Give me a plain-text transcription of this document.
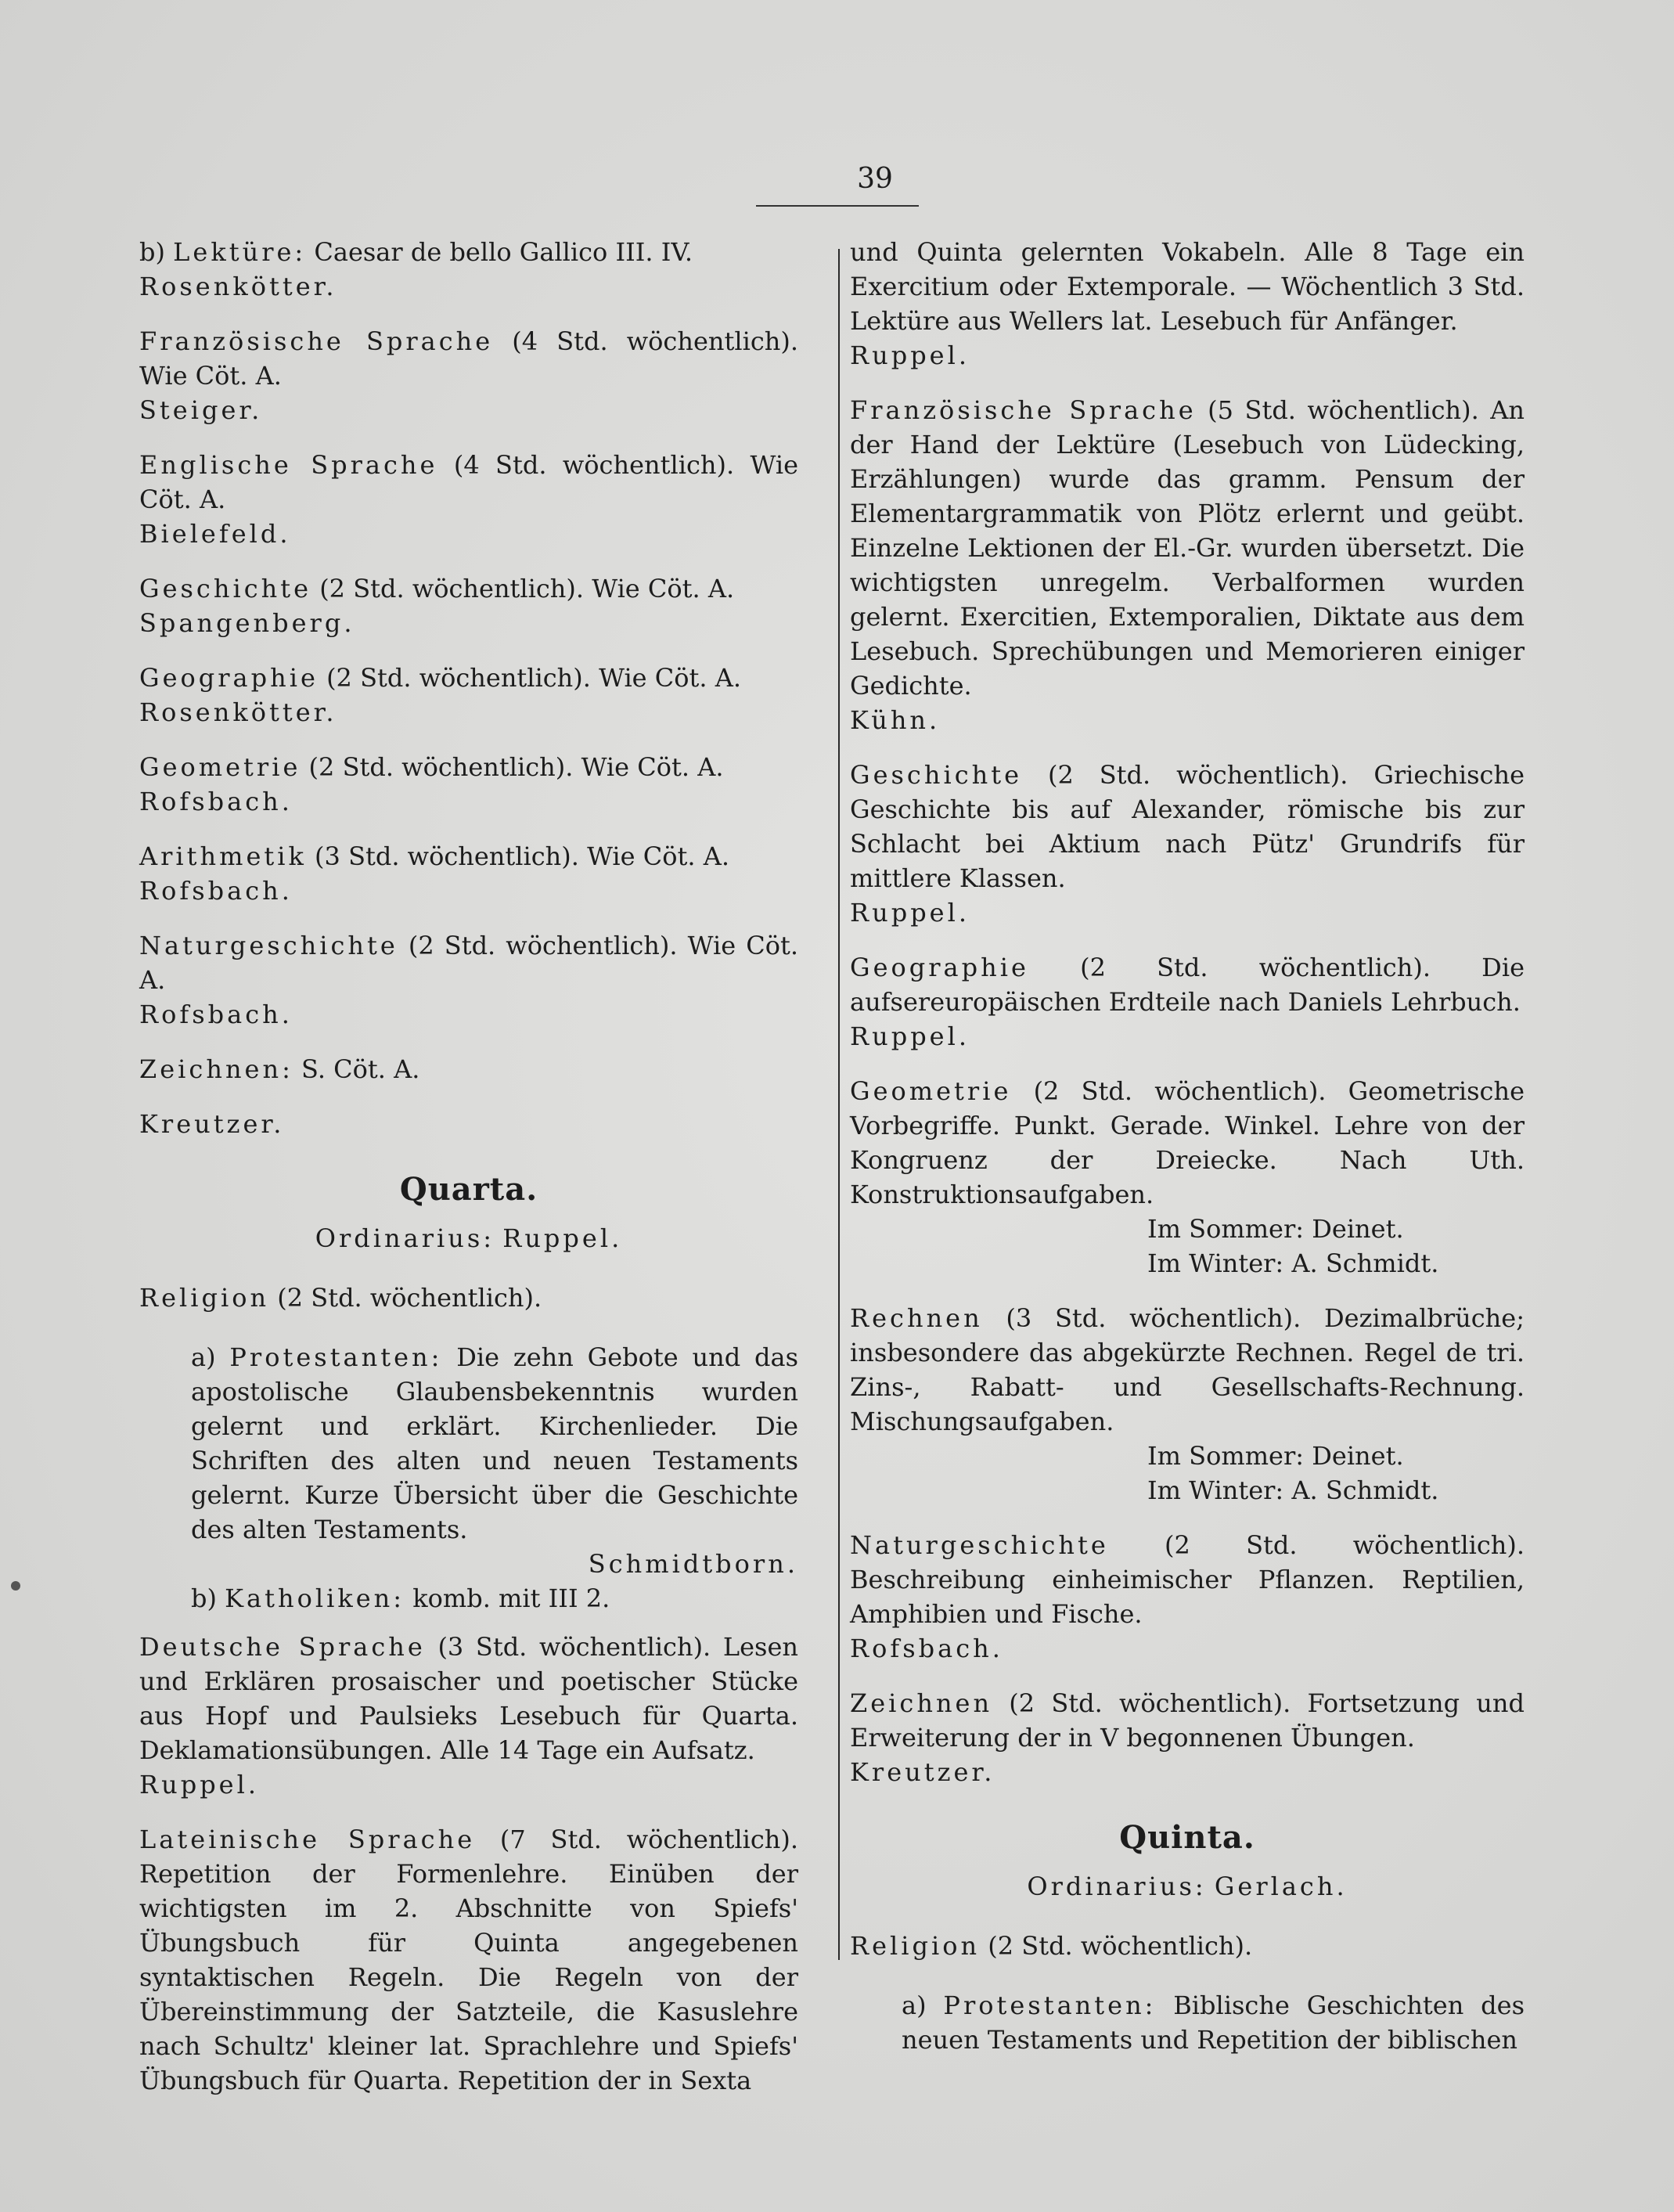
39

b) Lektüre: Caesar de bello Gallico III. IV.

Rosenkötter.

Französische Sprache (4 Std. wöchentlich). Wie Cöt. A.

Steiger.

Englische Sprache (4 Std. wöchentlich). Wie Cöt. A.

Bielefeld.

Geschichte (2 Std. wöchentlich). Wie Cöt. A.

Spangenberg.

Geographie (2 Std. wöchentlich). Wie Cöt. A.

Rosenkötter.

Geometrie (2 Std. wöchentlich). Wie Cöt. A.

Rofsbach.

Arithmetik (3 Std. wöchentlich). Wie Cöt. A.

Rofsbach.

Naturgeschichte (2 Std. wöchentlich). Wie Cöt. A.

Rofsbach.

Zeichnen: S. Cöt. A.

Kreutzer.

Quarta.

Ordinarius: Ruppel.

Religion (2 Std. wöchentlich).

a) Protestanten: Die zehn Gebote und das apostolische Glaubensbekenntnis wurden gelernt und erklärt. Kirchenlieder. Die Schriften des alten und neuen Testaments gelernt. Kurze Übersicht über die Geschichte des alten Testaments.

Schmidtborn.

b) Katholiken: komb. mit III 2.

Deutsche Sprache (3 Std. wöchentlich). Lesen und Erklären prosaischer und poetischer Stücke aus Hopf und Paulsieks Lesebuch für Quarta. Deklamationsübungen. Alle 14 Tage ein Aufsatz.

Ruppel.

Lateinische Sprache (7 Std. wöchentlich). Repetition der Formenlehre. Einüben der wichtigsten im 2. Abschnitte von Spiefs' Übungsbuch für Quinta angegebenen syntaktischen Regeln. Die Regeln von der Übereinstimmung der Satzteile, die Kasuslehre nach Schultz' kleiner lat. Sprachlehre und Spiefs' Übungsbuch für Quarta. Repetition der in Sexta

und Quinta gelernten Vokabeln. Alle 8 Tage ein Exercitium oder Extemporale. — Wöchentlich 3 Std. Lektüre aus Wellers lat. Lesebuch für Anfänger.

Ruppel.

Französische Sprache (5 Std. wöchentlich). An der Hand der Lektüre (Lesebuch von Lüdecking, Erzählungen) wurde das gramm. Pensum der Elementargrammatik von Plötz erlernt und geübt. Einzelne Lektionen der El.-Gr. wurden übersetzt. Die wichtigsten unregelm. Verbalformen wurden gelernt. Exercitien, Extemporalien, Diktate aus dem Lesebuch. Sprechübungen und Memorieren einiger Gedichte.

Kühn.

Geschichte (2 Std. wöchentlich). Griechische Geschichte bis auf Alexander, römische bis zur Schlacht bei Aktium nach Pütz' Grundrifs für mittlere Klassen.

Ruppel.

Geographie (2 Std. wöchentlich). Die aufsereuropäischen Erdteile nach Daniels Lehrbuch.

Ruppel.

Geometrie (2 Std. wöchentlich). Geometrische Vorbegriffe. Punkt. Gerade. Winkel. Lehre von der Kongruenz der Dreiecke. Nach Uth. Konstruktionsaufgaben.

Im Sommer: Deinet.

Im Winter: A. Schmidt.

Rechnen (3 Std. wöchentlich). Dezimalbrüche; insbesondere das abgekürzte Rechnen. Regel de tri. Zins-, Rabatt- und Gesellschafts-Rechnung. Mischungsaufgaben.

Im Sommer: Deinet.

Im Winter: A. Schmidt.

Naturgeschichte (2 Std. wöchentlich). Beschreibung einheimischer Pflanzen. Reptilien, Amphibien und Fische.

Rofsbach.

Zeichnen (2 Std. wöchentlich). Fortsetzung und Erweiterung der in V begonnenen Übungen.

Kreutzer.

Quinta.

Ordinarius: Gerlach.

Religion (2 Std. wöchentlich).

a) Protestanten: Biblische Geschichten des neuen Testaments und Repetition der biblischen
